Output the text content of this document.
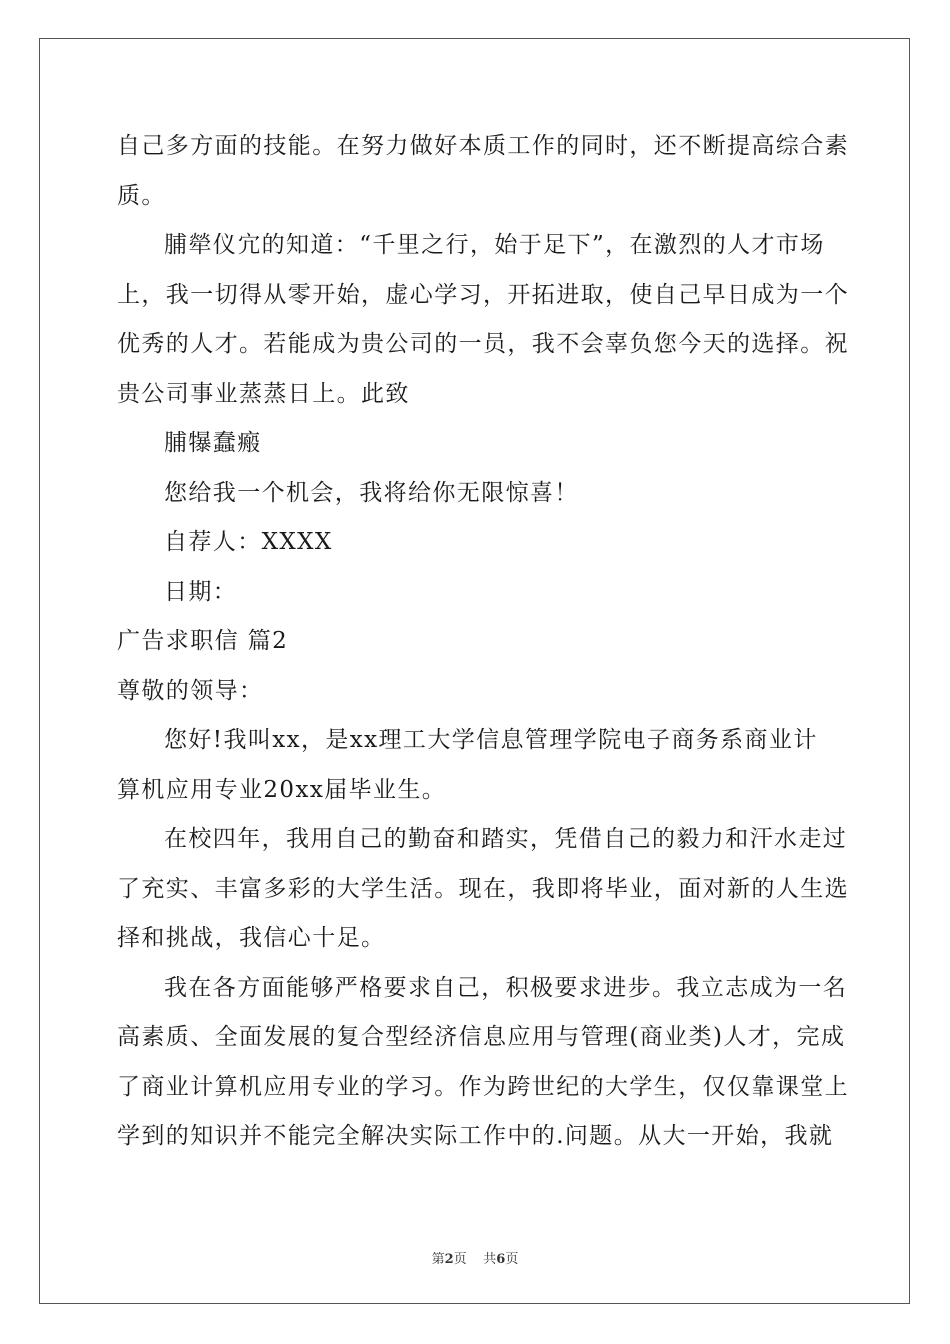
自己多方面的技能。在努力做好本质工作的同时，还不断提高综合素
质。
脯犖仪宂的知道：“千里之行，始于足下”，在激烈的人才市场
上，我一切得从零开始，虚心学习，开拓进取，使自己早日成为一个
优秀的人才。若能成为贵公司的一员，我不会辜负您今天的选择。祝
贵公司事业蒸蒸日上。此致
脯犦蠢瘢
您给我一个机会，我将给你无限惊喜！
自荐人：XXXX
日期：
广告求职信 篇2
尊敬的领导：
您好!我叫xx，是xx理工大学信息管理学院电子商务系商业计
算机应用专业20xx届毕业生。
在校四年，我用自己的勤奋和踏实，凭借自己的毅力和汗水走过
了充实、丰富多彩的大学生活。现在，我即将毕业，面对新的人生选
择和挑战，我信心十足。
我在各方面能够严格要求自己，积极要求进步。我立志成为一名
高素质、全面发展的复合型经济信息应用与管理(商业类)人才，完成
了商业计算机应用专业的学习。作为跨世纪的大学生，仅仅靠课堂上
学到的知识并不能完全解决实际工作中的.问题。从大一开始，我就
第2页 共6页
